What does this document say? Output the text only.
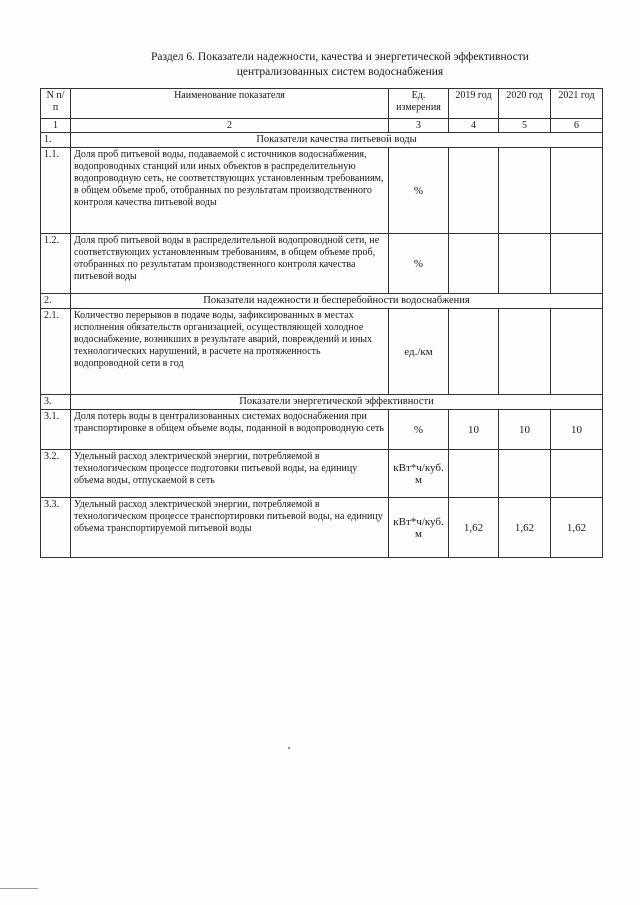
Раздел 6. Показатели надежности, качества и энергетической эффективности
централизованных систем водоснабжения
N п/п	Наименование показателя	Ед. измерения	2019 год	2020 год	2021 год
1	2	3	4	5	6
1.	Показатели качества питьевой воды				
1.1.	Доля проб питьевой воды, подаваемой с источников водоснабжения, водопроводных станций или иных объектов в распределительную водопроводную сеть, не соответствующих установленным требованиям, в общем объеме проб, отобранных по результатам производственного контроля качества питьевой воды	%			
1.2.	Доля проб питьевой воды в распределительной водопроводной сети, не соответствующих установленным требованиям, в общем объеме проб, отобранных по результатам производственного контроля качества питьевой воды	%			
2.	Показатели надежности и бесперебойности водоснабжения				
2.1.	Количество перерывов в подаче воды, зафиксированных в местах исполнения обязательств организацией, осуществляющей холодное водоснабжение, возникших в результате аварий, повреждений и иных технологических нарушений, в расчете на протяженность водопроводной сети в год	ед./км			
3.	Показатели энергетической эффективности				
3.1.	Доля потерь воды в централизованных системах водоснабжения при транспортировке в общем объеме воды, поданной в водопроводную сеть	%	10	10	10
3.2.	Удельный расход электрической энергии, потребляемой в технологическом процессе подготовки питьевой воды, на единицу объема воды, отпускаемой в сеть	кВт*ч/куб. м			
3.3.	Удельный расход электрической энергии, потребляемой в технологическом процессе транспортировки питьевой воды, на единицу объема транспортируемой питьевой воды	кВт*ч/куб. м	1,62	1,62	1,62
